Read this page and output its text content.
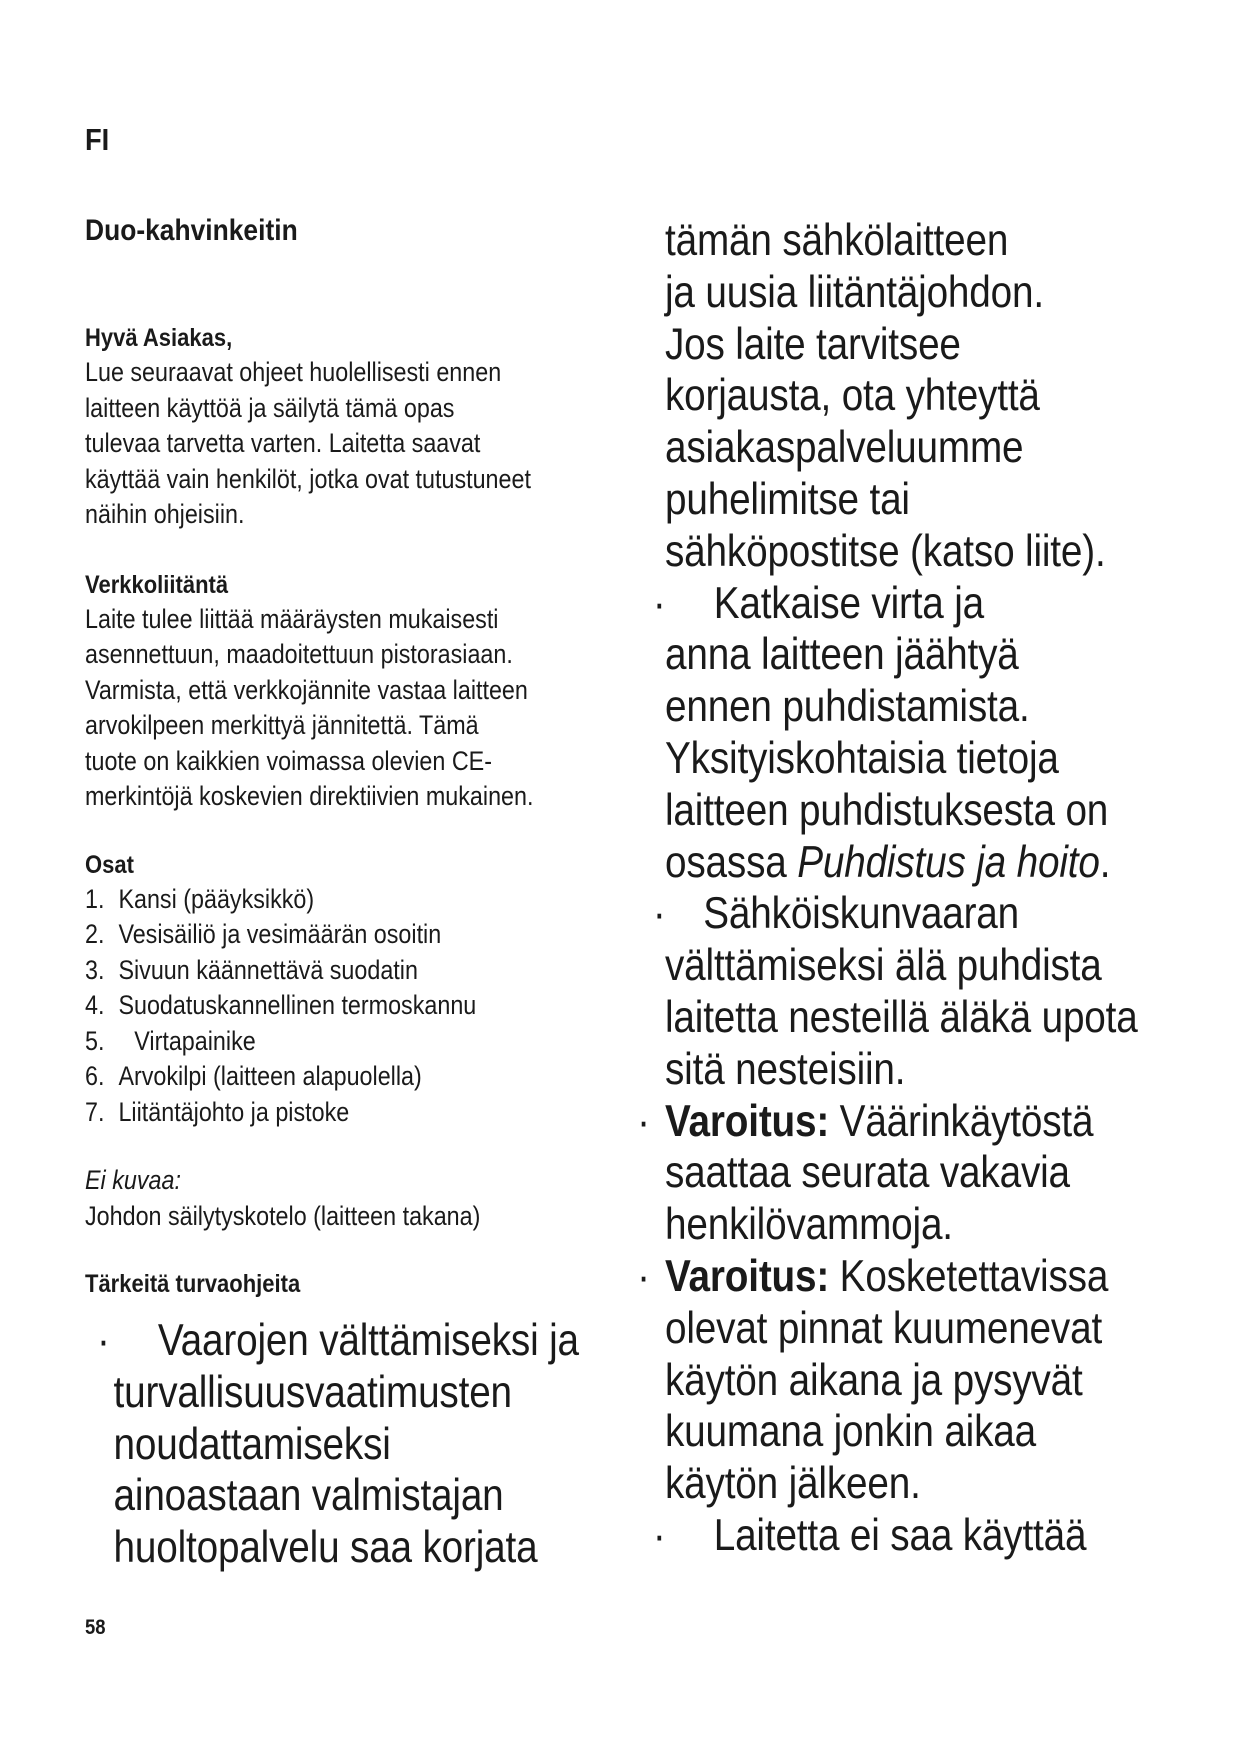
FI
Duo-kahvinkeitin
Hyvä Asiakas,
Lue seuraavat ohjeet huolellisesti ennen
laitteen käyttöä ja säilytä tämä opas
tulevaa tarvetta varten. Laitetta saavat
käyttää vain henkilöt, jotka ovat tutustuneet
näihin ohjeisiin.
Verkkoliitäntä
Laite tulee liittää määräysten mukaisesti
asennettuun, maadoitettuun pistorasiaan.
Varmista, että verkkojännite vastaa laitteen
arvokilpeen merkittyä jännitettä. Tämä
tuote on kaikkien voimassa olevien CE-
merkintöjä koskevien direktiivien mukainen.
Osat
1. Kansi (pääyksikkö)
2. Vesisäiliö ja vesimäärän osoitin
3. Sivuun käännettävä suodatin
4. Suodatuskannellinen termoskannu
5.	Virtapainike
6. Arvokilpi (laitteen alapuolella)
7. Liitäntäjohto ja pistoke
Ei kuvaa:
Johdon säilytyskotelo (laitteen takana)
Tärkeitä turvaohjeita
· Vaarojen välttämiseksi ja
turvallisuusvaatimusten
noudattamiseksi
ainoastaan valmistajan
huoltopalvelu saa korjata
tämän sähkölaitteen
ja uusia liitäntäjohdon.
Jos laite tarvitsee
korjausta, ota yhteyttä
asiakaspalveluumme
puhelimitse tai
sähköpostitse (katso liite).
· Katkaise virta ja
anna laitteen jäähtyä
ennen puhdistamista.
Yksityiskohtaisia tietoja
laitteen puhdistuksesta on
osassa Puhdistus ja hoito.
· Sähköiskunvaaran
välttämiseksi älä puhdista
laitetta nesteillä äläkä upota
sitä nesteisiin.
· Varoitus: Väärinkäytöstä
saattaa seurata vakavia
henkilövammoja.
· Varoitus: Kosketettavissa
olevat pinnat kuumenevat
käytön aikana ja pysyvät
kuumana jonkin aikaa
käytön jälkeen.
· Laitetta ei saa käyttää
58
